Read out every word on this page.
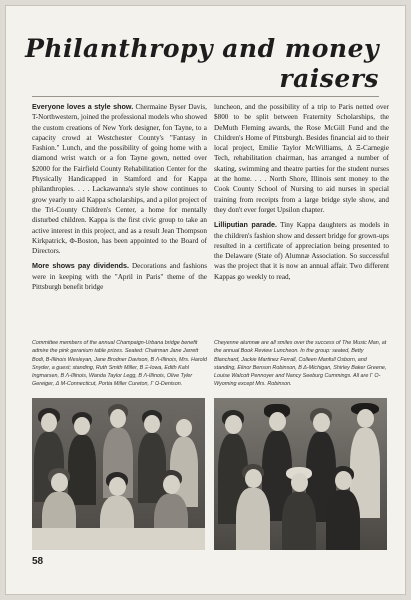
Philanthropy and money
raisers

Everyone loves a style show. Chermaine Byser Davis, T-Northwestern, joined the professional models who showed the custom creations of New York designer, fon Tayne, to a capacity crowd at Westchester County's "Fantasy in Fashion." Lunch, and the possibility of going home with a diamond wrist watch or a fon Tayne gown, netted over $2000 for the Fairfield County Rehabilitation Center for the Physically Handicapped in Stamford and for Kappa philanthropies. . . . Lackawanna's style show continues to grow yearly to aid Kappa scholarships, and a pilot project of the Tri-County Children's Center, a home for mentally disturbed children. Kappa is the first civic group to take an active interest in this project, and as a result Jean Thompson Kirkpatrick, Φ-Boston, has been appointed to the Board of Directors.

More shows pay dividends. Decorations and fashions were in keeping with the "April in Paris" theme of the Pittsburgh benefit bridge

luncheon, and the possibility of a trip to Paris netted over $800 to be split between Fraternity Scholarships, the DeMuth Fleming awards, the Rose McGill Fund and the Children's Home of Pittsburgh. Besides financial aid to their local project, Emilie Taylor McWilliams, Δ Ξ-Carnegie Tech, rehabilitation chairman, has arranged a number of skating, swimming and theatre parties for the student nurses at the home. . . . North Shore, Illinois sent money to the Cook County School of Nursing to aid nurses in special training from receipts from a large bridge style show, and they don't ever forget Upsilon chapter.

Lilliputian parade. Tiny Kappa daughters as models in the children's fashion show and dessert bridge for grown-ups resulted in a certificate of appreciation being presented to the Delaware (State of) Alumnæ Association. So successful was the project that it is now an annual affair. Two different Kappas go weekly to read,

Committee members of the annual Champaign-Urbana bridge benefit admire the pink geranium table prizes. Seated: Chairman Jane Jarrett Bodi, B-Illinois Wesleyan, Jane Brodner Davison, B Λ-Illinois, Mrs. Harold Snyder, a guest; standing, Ruth Smith Miller, B Ξ-Iowa, Edith Kahl Ingmarsen, B Λ-Illinois, Wanda Taylor Legg, B Λ-Illinois, Olive Tyler Gereiger, Δ M-Connecticut, Portia Miller Cureton, Γ Ω-Denison.
Cheyenne alumnæ are all smiles over the success of The Music Man, at the annual Book Review Luncheon. In the group: seated, Betty Blanchard, Jackie Martinez Ferrall, Colleen Manfull Osborn, and standing, Elinor Benson Robinson, B Δ-Michigan, Shirley Baker Greene, Louise Walcott Pennoyer and Nancy Seeburg Cummings. All are Γ O-Wyoming except Mrs. Robinson.
58
